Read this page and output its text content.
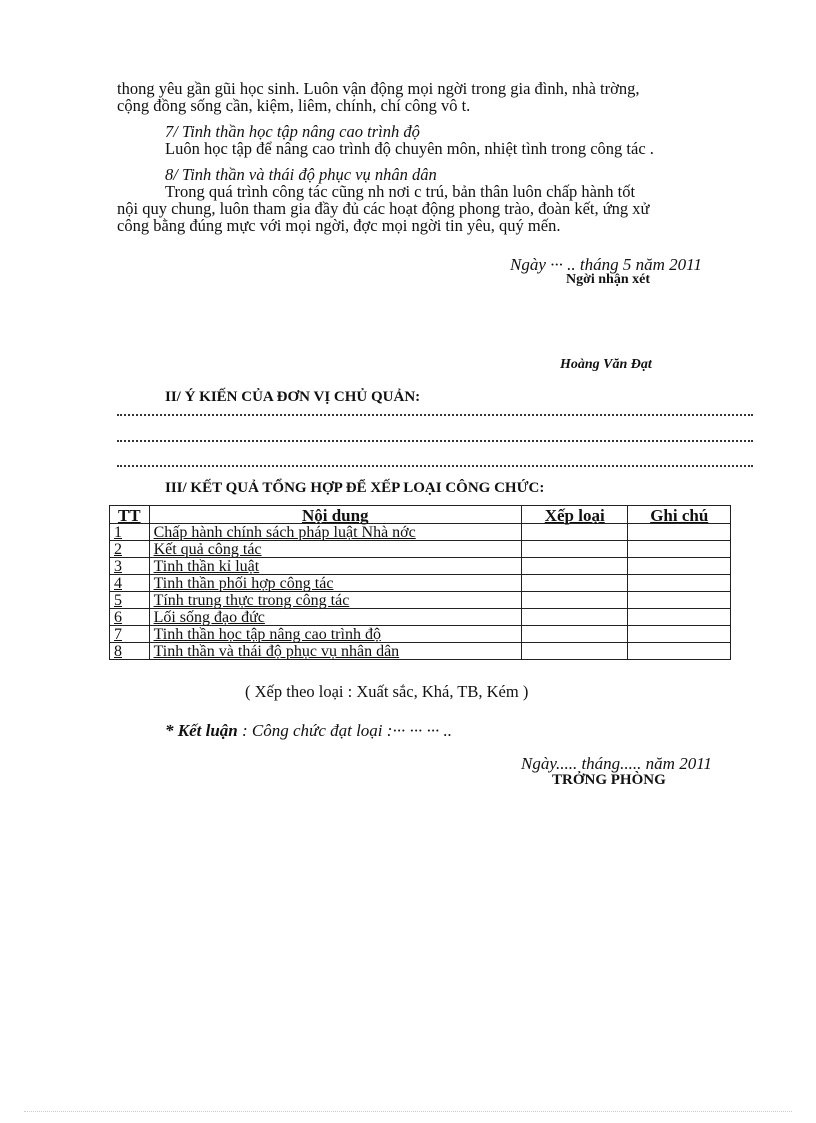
thong yêu gần gũi học sinh. Luôn vận động mọi ngời trong gia đình, nhà trờng,
cộng đồng sống cần, kiệm, liêm, chính, chí công vô t.
7/ Tinh thần học tập nâng cao trình độ
Luôn học tập để nâng cao trình độ chuyên môn, nhiệt tình trong công tác .
8/ Tinh thần và thái độ phục vụ nhân dân
Trong quá trình công tác cũng nh nơi c trú, bản thân luôn chấp hành tốt
nội quy chung, luôn tham gia đầy đủ các hoạt động phong trào, đoàn kết, ứng xử
công bằng đúng mực với mọi ngời, đợc mọi ngời tin yêu, quý mến.
Ngày ··· .. tháng 5 năm 2011
Ngời nhận xét
Hoàng Văn Đạt
II/ Ý KIẾN CỦA ĐƠN VỊ CHỦ QUẢN:
III/ KẾT QUẢ TỔNG HỢP ĐỂ XẾP LOẠI CÔNG CHỨC:
TT	Nội dung	Xếp loại	Ghi chú
1	Chấp hành chính sách pháp luật Nhà nớc		
2	Kết quả công tác		
3	Tinh thần kỉ luật		
4	Tinh thần phối hợp công tác		
5	Tính trung thực trong công tác		
6	Lối sống đạo đức		
7	Tinh thần học tập nâng cao trình độ		
8	Tinh thần và thái độ phục vụ nhân dân		
( Xếp theo loại : Xuất sắc, Khá, TB, Kém )
* Kết luận : Công chức đạt loại :··· ··· ··· ..
Ngày..... tháng..... năm 2011
TRỞNG PHÒNG
